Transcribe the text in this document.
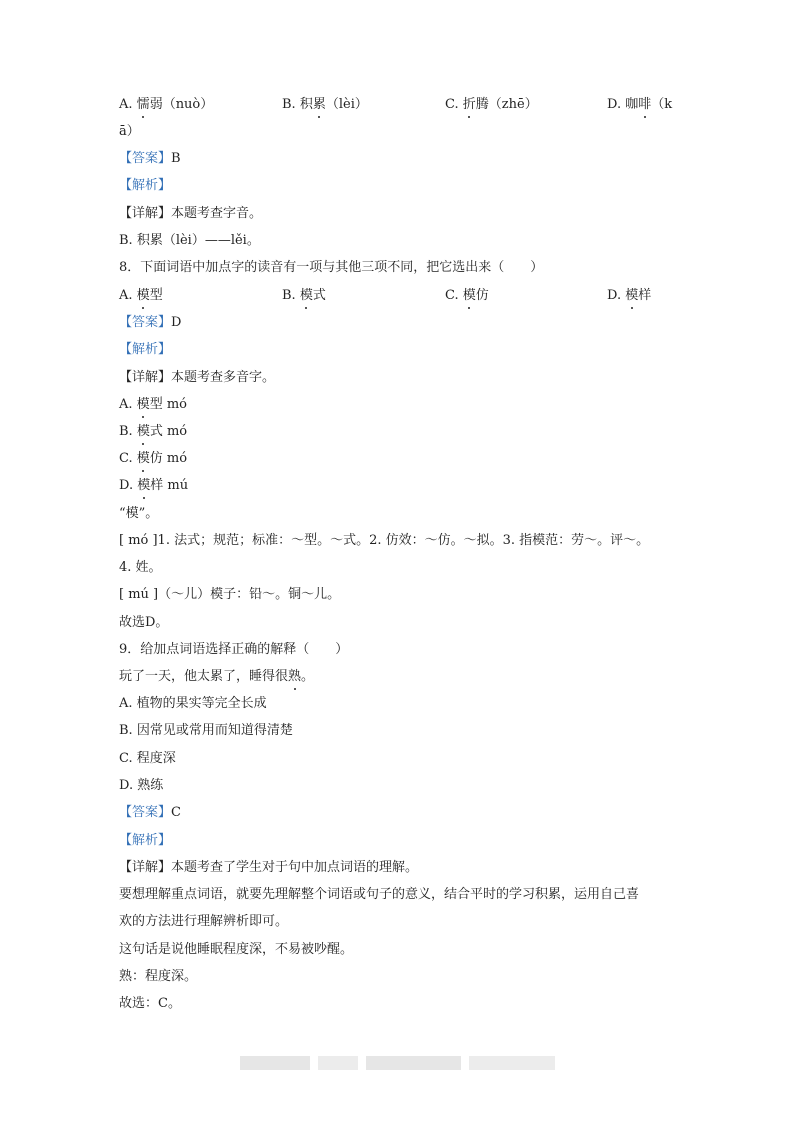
A. 懦弱（nuò）	B. 积累（lèi）	C. 折腾（zhē）	D. 咖啡（k
ā）
【答案】B
【解析】
【详解】本题考查字音。
B. 积累（lèi）——lěi。
8．下面词语中加点字的读音有一项与其他三项不同，把它选出来（　　）
A. 模型	B. 模式	C. 模仿	D. 模样
【答案】D
【解析】
【详解】本题考查多音字。
A. 模型 mó
B. 模式 mó
C. 模仿 mó
D. 模样 mú
“模”。
[ mó ]1. 法式；规范；标准：～型。～式。2. 仿效：～仿。～拟。3. 指模范：劳～。评～。
4. 姓。
[ mú ]（～儿）模子：铅～。铜～儿。
故选D。
9．给加点词语选择正确的解释（　　）
玩了一天，他太累了，睡得很熟。
A. 植物的果实等完全长成
B. 因常见或常用而知道得清楚
C. 程度深
D. 熟练
【答案】C
【解析】
【详解】本题考查了学生对于句中加点词语的理解。
要想理解重点词语，就要先理解整个词语或句子的意义，结合平时的学习积累，运用自己喜
欢的方法进行理解辨析即可。
这句话是说他睡眠程度深，不易被吵醒。
熟：程度深。
故选：C。
